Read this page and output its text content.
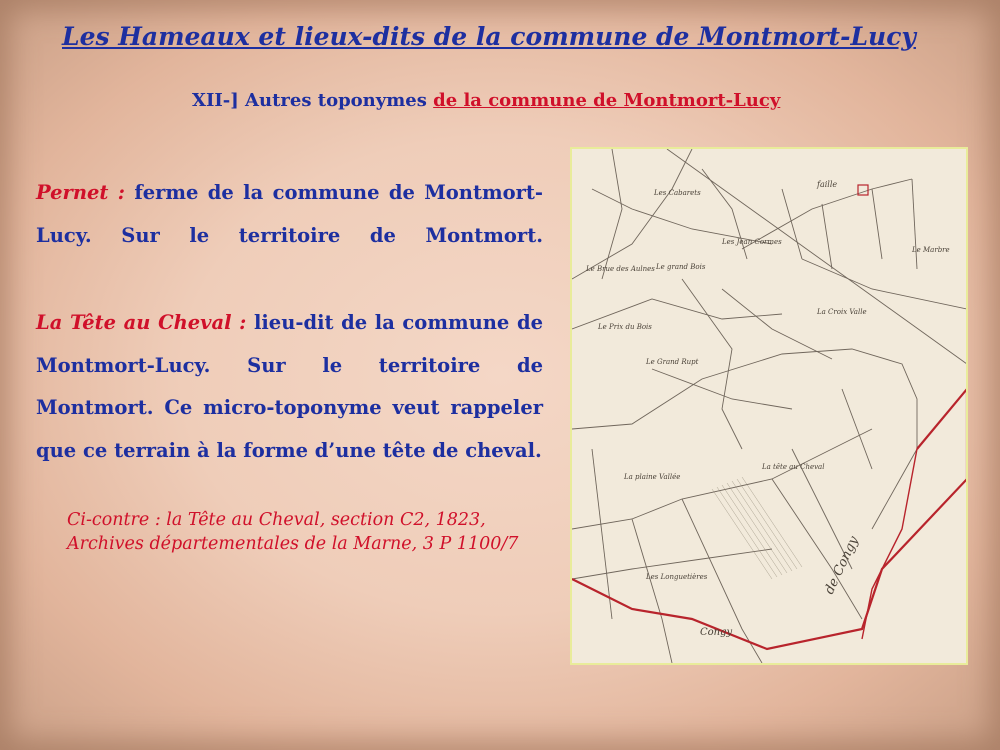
Les Hameaux et lieux-dits de la commune de Montmort-Lucy
XII-] Autres toponymes de la commune de Montmort-Lucy
Pernet : ferme de la commune de Montmort-Lucy. Sur le territoire de Montmort.
La Tête au Cheval : lieu-dit de la commune de Montmort-Lucy. Sur le territoire de Montmort. Ce micro-toponyme veut rappeler que ce terrain à la forme d’une tête de cheval.
Ci-contre : la Tête au Cheval, section C2, 1823, Archives départementales de la Marne, 3 P 1100/7
Les Cabarets
faille
Le Brue des Aulnes Le grand Bois
Les Jean Cormes
Le Marbre
La Croix Valle
Le Prix du Bois
Le Grand Rupt
La tête au Cheval
La plaine Vallée
Les Longuetières
Congy
de Congy
